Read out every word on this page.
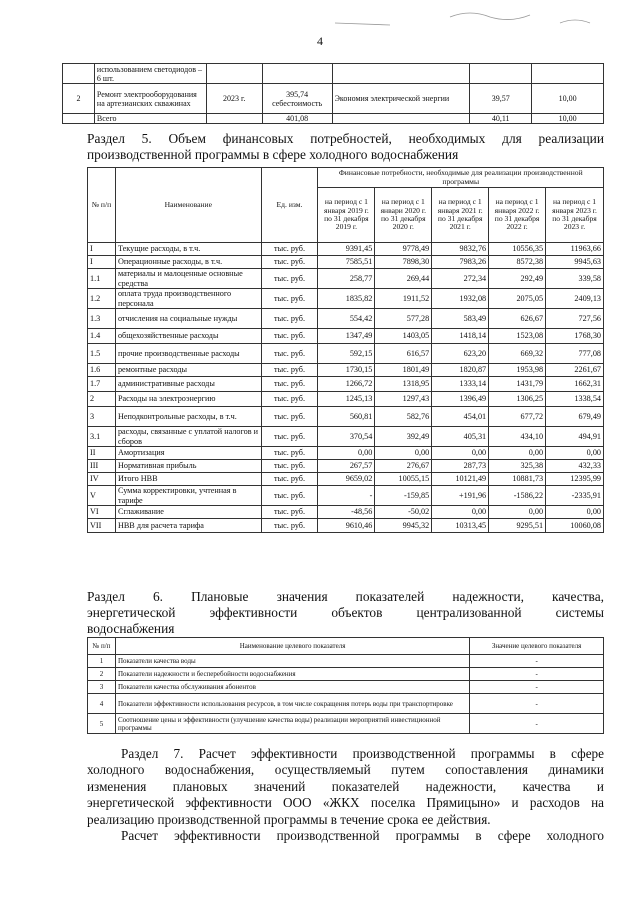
4
	использованием светодиодов – 6 шт.					
2	Ремонт электрооборудования на артезианских скважинах	2023 г.	395,74 себестоимость	Экономия электрической энергии	39,57	10,00
	Всего		401,08		40,11	10,00
Раздел 5. Объем финансовых потребностей, необходимых для реализации
производственной программы в сфере холодного водоснабжения
№ п/п	Наименование	Ед. изм.	Финансовые потребности, необходимые для реализации производственной программы				
			на период с 1 января 2019 г. по 31 декабря 2019 г.	на период с 1 январи 2020 г. по 31 декабря 2020 г.	на период с 1 января 2021 г. по 31 декабря 2021 г.	на период с 1 января 2022 г. по 31 декабря 2022 г.	на период с 1 января 2023 г. по 31 декабря 2023 г.
I	Текущие расходы, в т.ч.	тыс. руб.	9391,45	9778,49	9832,76	10556,35	11963,66
I	Операционные расходы, в т.ч.	тыс. руб.	7585,51	7898,30	7983,26	8572,38	9945,63
1.1	материалы и малоценные основные средства	тыс. руб.	258,77	269,44	272,34	292,49	339,58
1.2	оплата труда производственного персонала	тыс. руб.	1835,82	1911,52	1932,08	2075,05	2409,13
1.3	отчисления на социальные нужды	тыс. руб.	554,42	577,28	583,49	626,67	727,56
1.4	общехозяйственные расходы	тыс. руб.	1347,49	1403,05	1418,14	1523,08	1768,30
1.5	прочие производственные расходы	тыс. руб.	592,15	616,57	623,20	669,32	777,08
1.6	ремонтные расходы	тыс. руб.	1730,15	1801,49	1820,87	1953,98	2261,67
1.7	административные расходы	тыс. руб.	1266,72	1318,95	1333,14	1431,79	1662,31
2	Расходы на электроэнергию	тыс. руб.	1245,13	1297,43	1396,49	1306,25	1338,54
3	Неподконтрольные расходы, в т.ч.	тыс. руб.	560,81	582,76	454,01	677,72	679,49
3.1	расходы, связанные с уплатой налогов и сборов	тыс. руб.	370,54	392,49	405,31	434,10	494,91
II	Амортизация	тыс. руб.	0,00	0,00	0,00	0,00	0,00
III	Нормативная прибыль	тыс. руб.	267,57	276,67	287,73	325,38	432,33
IV	Итого НВВ	тыс. руб.	9659,02	10055,15	10121,49	10881,73	12395,99
V	Сумма корректировки, учтенная в тарифе	тыс. руб.	-	-159,85	+191,96	-1586,22	-2335,91
VI	Сглаживание	тыс. руб.	-48,56	-50,02	0,00	0,00	0,00
VII	НВВ для расчета тарифа	тыс. руб.	9610,46	9945,32	10313,45	9295,51	10060,08
Раздел 6. Плановые значения показателей надежности, качества,
энергетической эффективности объектов централизованной системы
водоснабжения
№ п/п	Наименование целевого показателя	Значение целевого показателя
1	Показатели качества воды	-
2	Показатели надежности и бесперебойности водоснабжения	-
3	Показатели качества обслуживания абонентов	-
4	Показатели эффективности использования ресурсов, в том числе сокращения потерь воды при транспортировке	-
5	Соотношение цены и эффективности (улучшение качества воды) реализации мероприятий инвестиционной программы	-
Раздел 7. Расчет эффективности производственной программы в сфере
холодного водоснабжения, осуществляемый путем сопоставления динамики
изменения плановых значений показателей надежности, качества и
энергетической эффективности ООО «ЖКХ поселка Прямицыно» и расходов на
реализацию производственной программы в течение срока ее действия.
Расчет эффективности производственной программы в сфере холодного
